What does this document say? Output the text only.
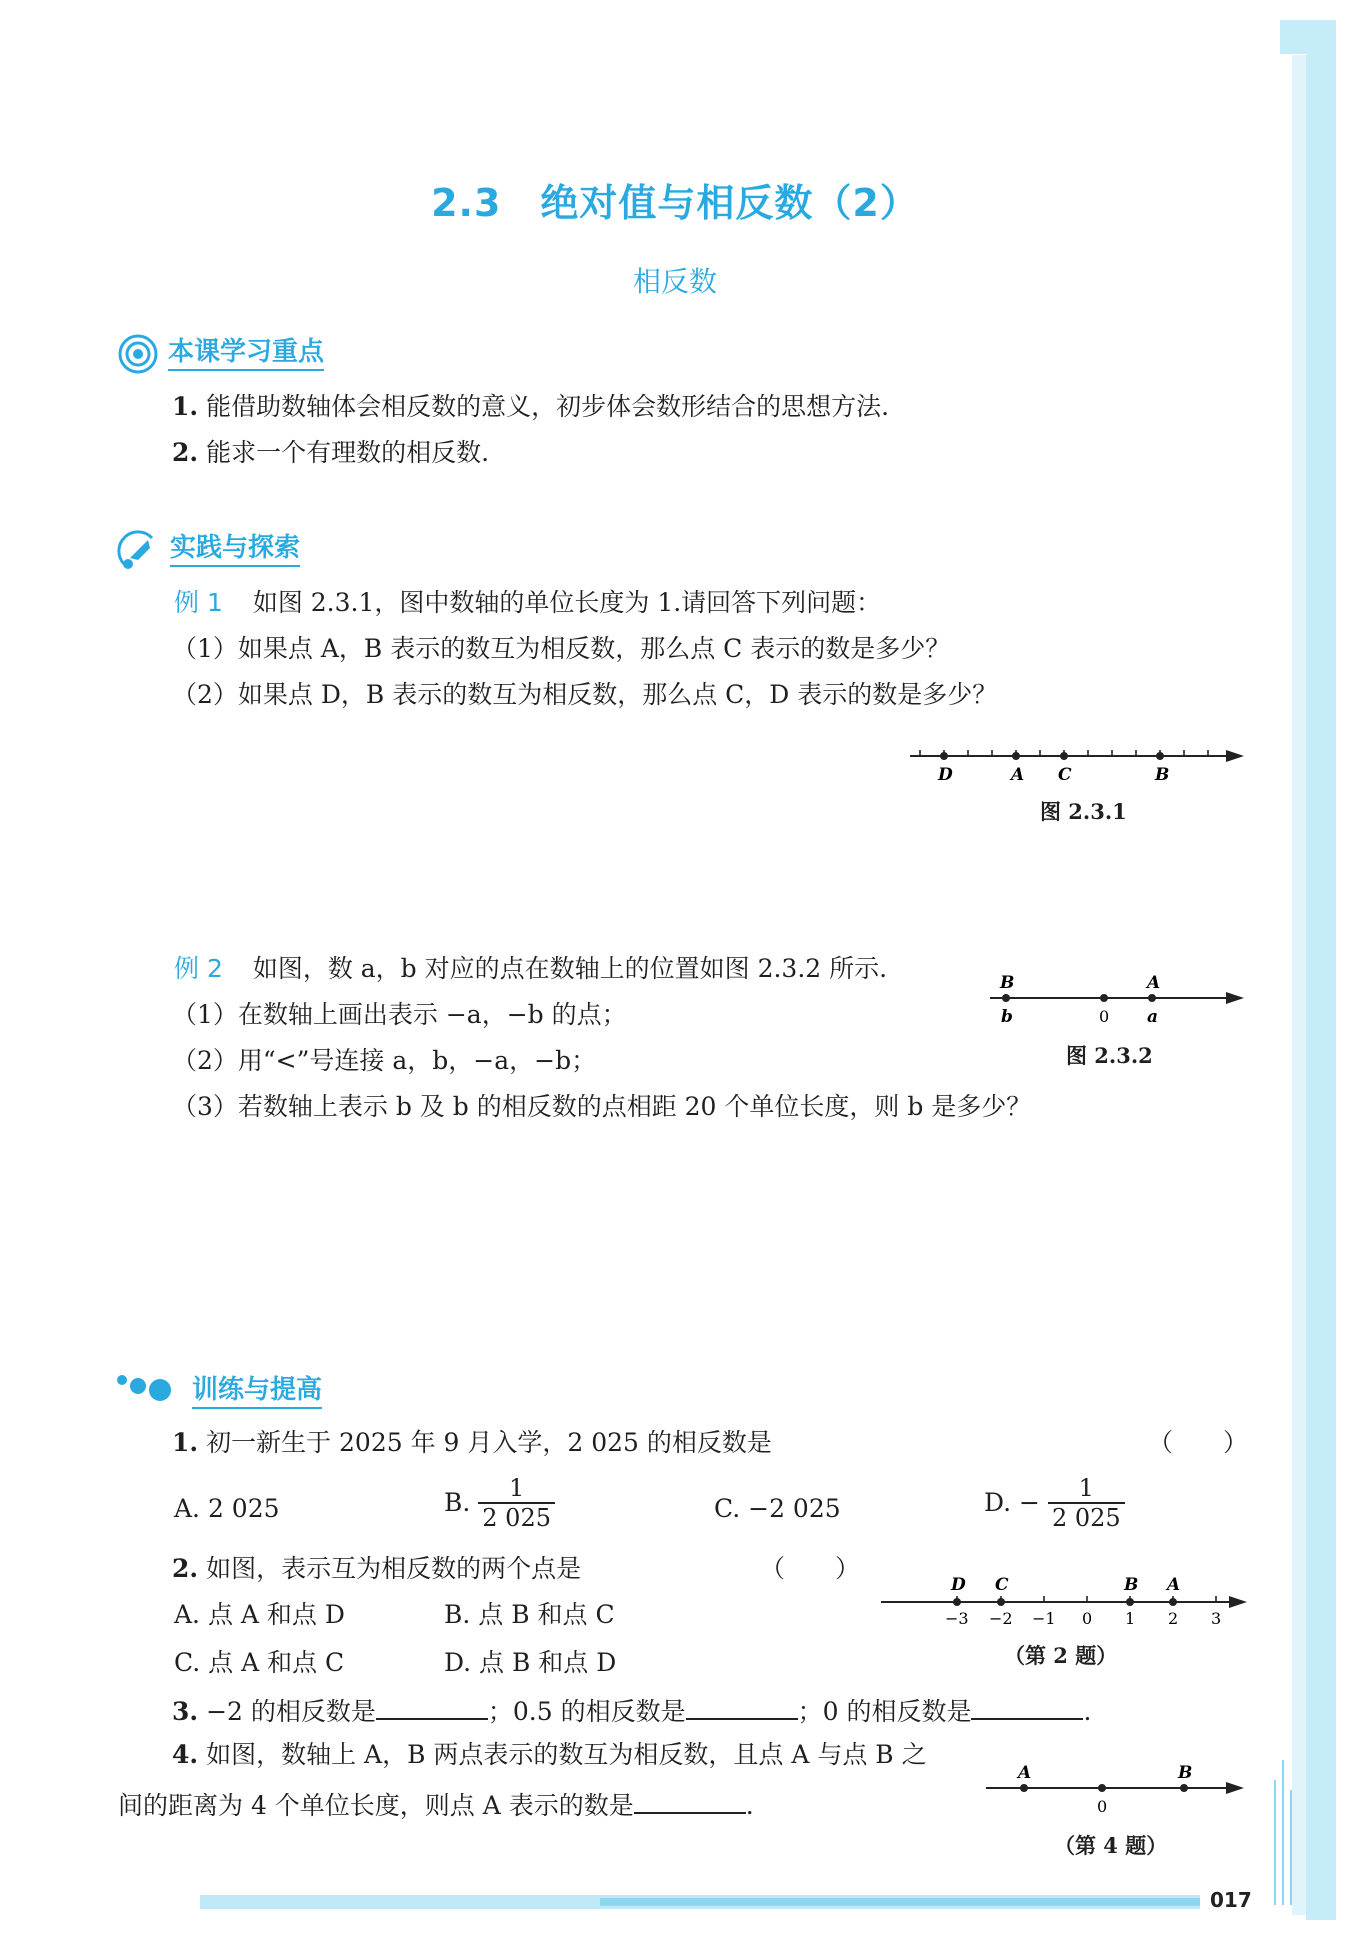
2.3　绝对值与相反数（2）
相反数
本课学习重点
1. 能借助数轴体会相反数的意义，初步体会数形结合的思想方法.
2. 能求一个有理数的相反数.
实践与探索
例 1 如图 2.3.1，图中数轴的单位长度为 1.请回答下列问题：
（1）如果点 A，B 表示的数互为相反数，那么点 C 表示的数是多少？
（2）如果点 D，B 表示的数互为相反数，那么点 C，D 表示的数是多少？
D	A C	B
图 2.3.1
例 2 如图，数 a，b 对应的点在数轴上的位置如图 2.3.2 所示.
（1）在数轴上画出表示 −a，−b 的点；
（2）用“<”号连接 a，b，−a，−b；
（3）若数轴上表示 b 及 b 的相反数的点相距 20 个单位长度，则 b 是多少？
B	A
b	0 a
图 2.3.2
训练与提高
1. 初一新生于 2025 年 9 月入学，2 025 的相反数是	（　　）
A. 2 025	B. $\frac{1}{2 025}$	C. −2 025	D. − $\frac{1}{2 025}$
2. 如图，表示互为相反数的两个点是	（　　）
A. 点 A 和点 D	B. 点 B 和点 C
C. 点 A 和点 C	D. 点 B 和点 D
D C	B A
−3 −2 −1 0 1 2 3
（第 2 题）
3. −2 的相反数是	；0.5 的相反数是	；0 的相反数是	.
4. 如图，数轴上 A，B 两点表示的数互为相反数，且点 A 与点 B 之
间的距离为 4 个单位长度，则点 A 表示的数是	.
A	B
0
（第 4 题）
017
